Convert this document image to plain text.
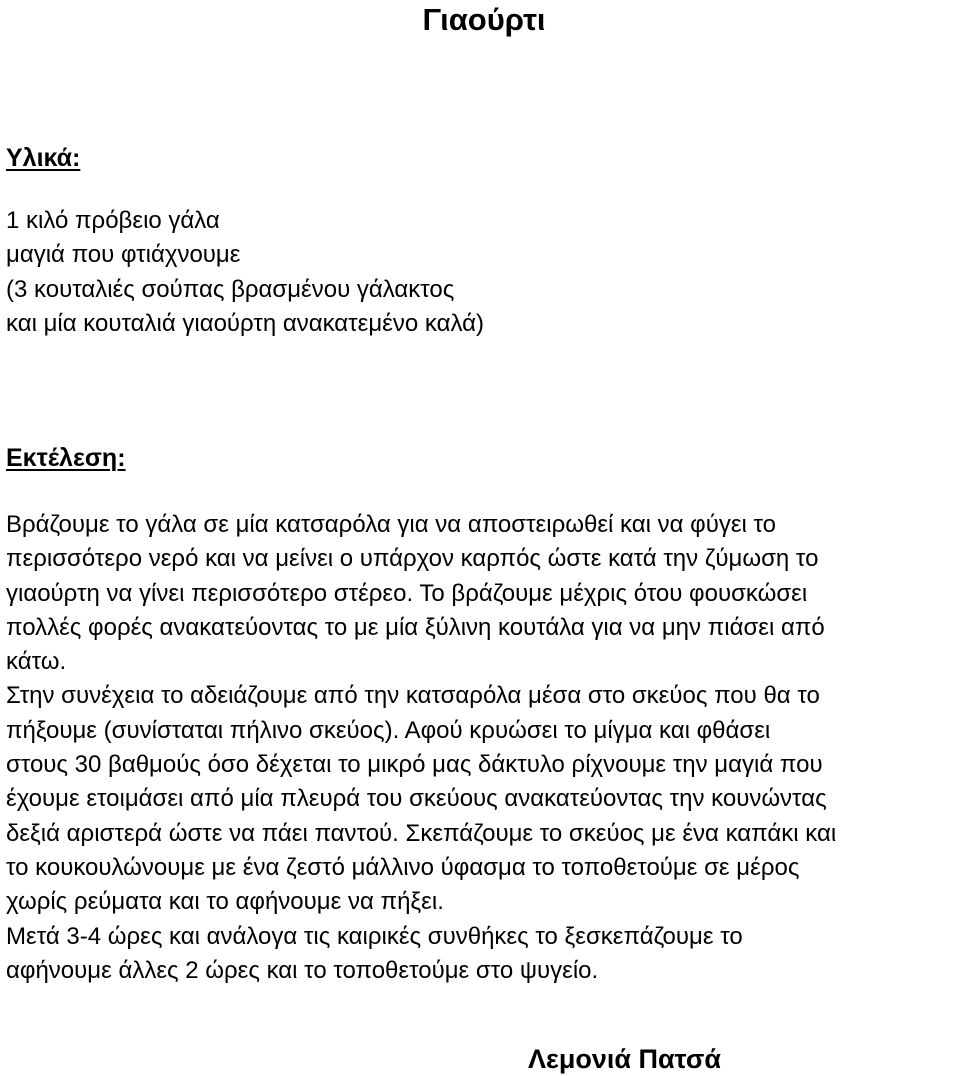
Γιαούρτι
Υλικά:
1 κιλό πρόβειο γάλα
μαγιά που φτιάχνουμε
(3 κουταλιές σούπας βρασμένου γάλακτος
και μία κουταλιά γιαούρτη ανακατεμένο καλά)
Εκτέλεση:
Βράζουμε το γάλα σε μία κατσαρόλα για να αποστειρωθεί και να φύγει το
περισσότερο νερό και να μείνει ο υπάρχον καρπός ώστε κατά την ζύμωση το
γιαούρτη να γίνει περισσότερο στέρεο. Το βράζουμε μέχρις ότου φουσκώσει
πολλές φορές ανακατεύοντας το με μία ξύλινη κουτάλα για να μην πιάσει από
κάτω.
Στην συνέχεια το αδειάζουμε από την κατσαρόλα μέσα στο σκεύος που θα το
πήξουμε (συνίσταται πήλινο σκεύος). Αφού κρυώσει το μίγμα και φθάσει
στους 30 βαθμούς όσο δέχεται το μικρό μας δάκτυλο ρίχνουμε την μαγιά που
έχουμε ετοιμάσει από μία πλευρά του σκεύους ανακατεύοντας την κουνώντας
δεξιά αριστερά ώστε να πάει παντού. Σκεπάζουμε το σκεύος με ένα καπάκι και
το κουκουλώνουμε με ένα ζεστό μάλλινο ύφασμα το τοποθετούμε σε μέρος
χωρίς ρεύματα και το αφήνουμε να πήξει.
Μετά 3-4 ώρες και ανάλογα τις καιρικές συνθήκες το ξεσκεπάζουμε το
αφήνουμε άλλες 2 ώρες και το τοποθετούμε στο ψυγείο.
Λεμονιά Πατσά
